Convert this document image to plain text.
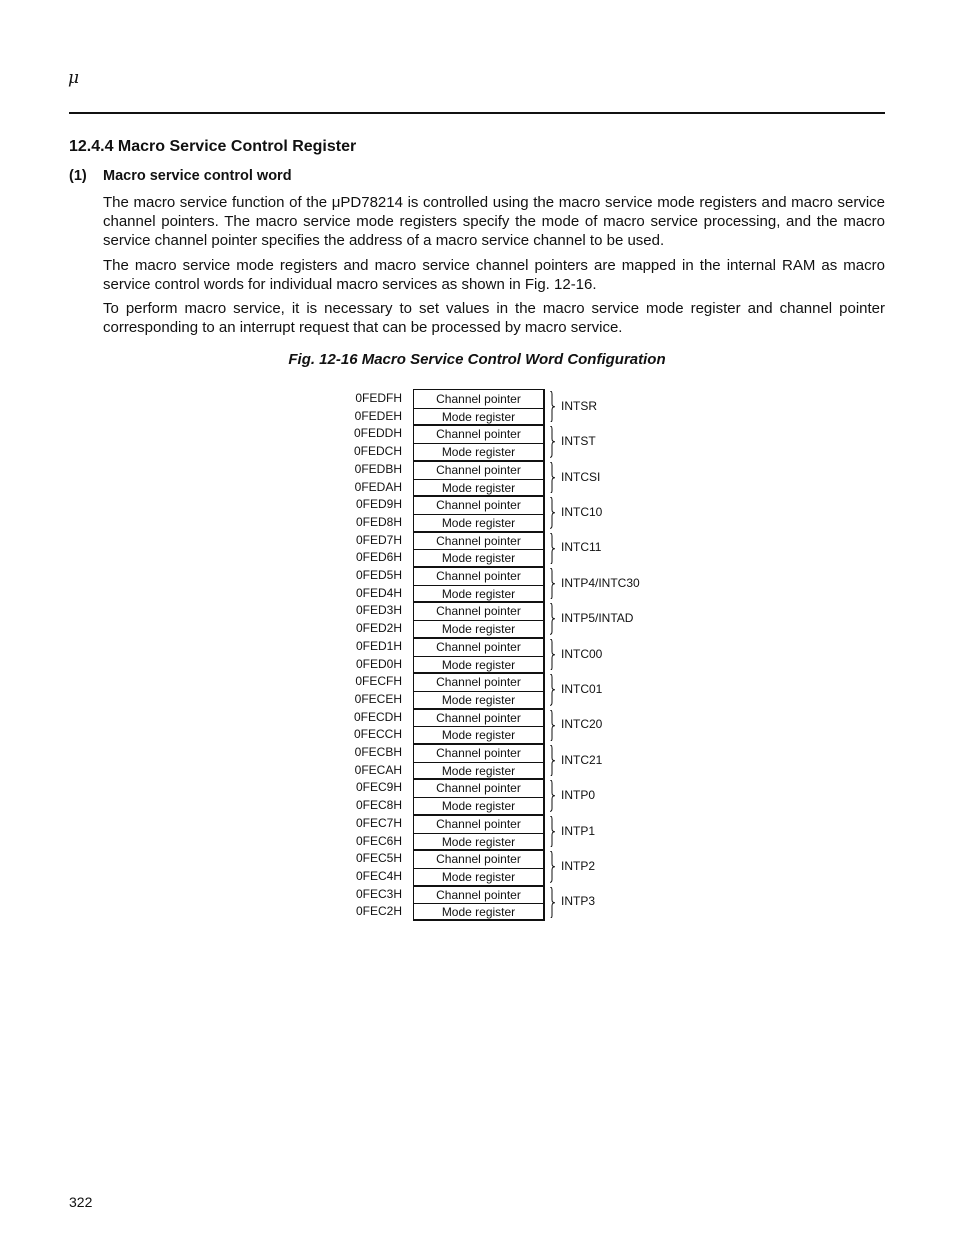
μ
12.4.4 Macro Service Control Register
(1) Macro service control word
The macro service function of the μPD78214 is controlled using the macro service mode registers and macro service channel pointers. The macro service mode registers specify the mode of macro service processing, and the macro service channel pointer specifies the address of a macro service channel to be used.
The macro service mode registers and macro service channel pointers are mapped in the internal RAM as macro service control words for individual macro services as shown in Fig. 12-16.
To perform macro service, it is necessary to set values in the macro service mode register and channel pointer corresponding to an interrupt request that can be processed by macro service.
Fig. 12-16 Macro Service Control Word Configuration
Channel pointer
Mode register
Channel pointer
Mode register
Channel pointer
Mode register
Channel pointer
Mode register
Channel pointer
Mode register
Channel pointer
Mode register
Channel pointer
Mode register
Channel pointer
Mode register
Channel pointer
Mode register
Channel pointer
Mode register
Channel pointer
Mode register
Channel pointer
Mode register
Channel pointer
Mode register
Channel pointer
Mode register
Channel pointer
Mode register
0FEDFH
0FEDEH
INTSR
0FEDDH
0FEDCH
INTST
0FEDBH
0FEDAH
INTCSI
0FED9H
0FED8H
INTC10
0FED7H
0FED6H
INTC11
0FED5H
0FED4H
INTP4/INTC30
0FED3H
0FED2H
INTP5/INTAD
0FED1H
0FED0H
INTC00
0FECFH
0FECEH
INTC01
0FECDH
0FECCH
INTC20
0FECBH
0FECAH
INTC21
0FEC9H
0FEC8H
INTP0
0FEC7H
0FEC6H
INTP1
0FEC5H
0FEC4H
INTP2
0FEC3H
0FEC2H
INTP3
322
